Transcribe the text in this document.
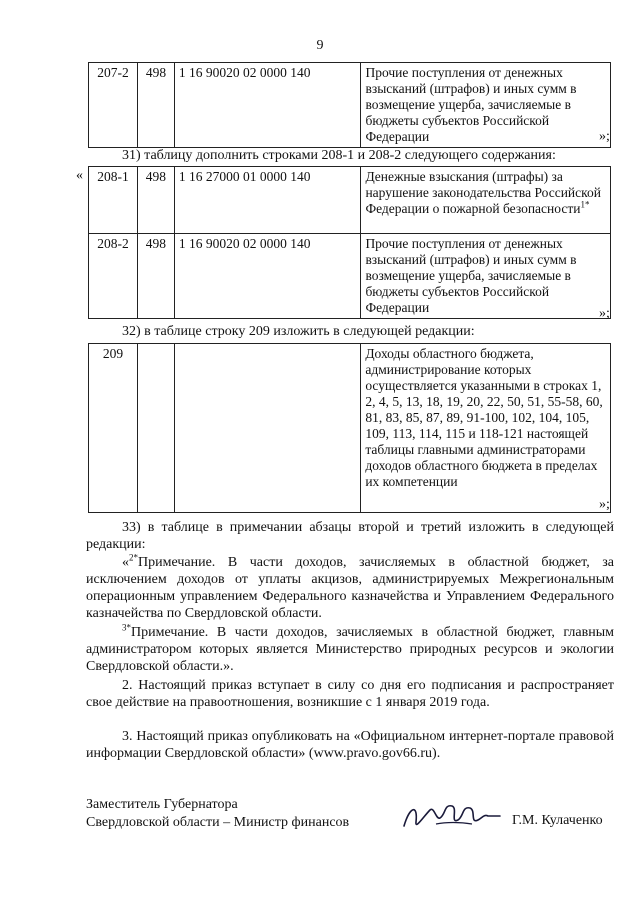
9
207-2	498	1 16 90020 02 0000 140	Прочие поступления от денежных взысканий (штрафов) и иных сумм в возмещение ущерба, зачисляемые в бюджеты субъектов Российской Федерации	»;
31) таблицу дополнить строками 208-1 и 208-2 следующего содержания:
« 208-1	498	1 16 27000 01 0000 140	Денежные взыскания (штрафы) за нарушение законодательства Российской Федерации о пожарной безопасности$^{1*}$
208-2	498	1 16 90020 02 0000 140	Прочие поступления от денежных взысканий (штрафов) и иных сумм в возмещение ущерба, зачисляемые в бюджеты субъектов Российской Федерации	»;
32) в таблице строку 209 изложить в следующей редакции:
209			Доходы областного бюджета, администрирование которых осуществляется указанными в строках 1, 2, 4, 5, 13, 18, 19, 20, 22, 50, 51, 55-58, 60, 81, 83, 85, 87, 89, 91-100, 102, 104, 105, 109, 113, 114, 115 и 118-121 настоящей таблицы главными администраторами доходов областного бюджета в пределах их компетенции
»;
33) в таблице в примечании абзацы второй и третий изложить в следующей редакции:
«$^{2*}$Примечание. В части доходов, зачисляемых в областной бюджет, за исключением доходов от уплаты акцизов, администрируемых Межрегиональным операционным управлением Федерального казначейства и Управлением Федерального казначейства по Свердловской области.
$^{3*}$Примечание. В части доходов, зачисляемых в областной бюджет, главным администратором которых является Министерство природных ресурсов и экологии Свердловской области.».
2. Настоящий приказ вступает в силу со дня его подписания и распространяет свое действие на правоотношения, возникшие с 1 января 2019 года.
3. Настоящий приказ опубликовать на «Официальном интернет-портале правовой информации Свердловской области» (www.pravo.gov66.ru).
Заместитель Губернатора
Свердловской области – Министр финансов	Г.М. Кулаченко
